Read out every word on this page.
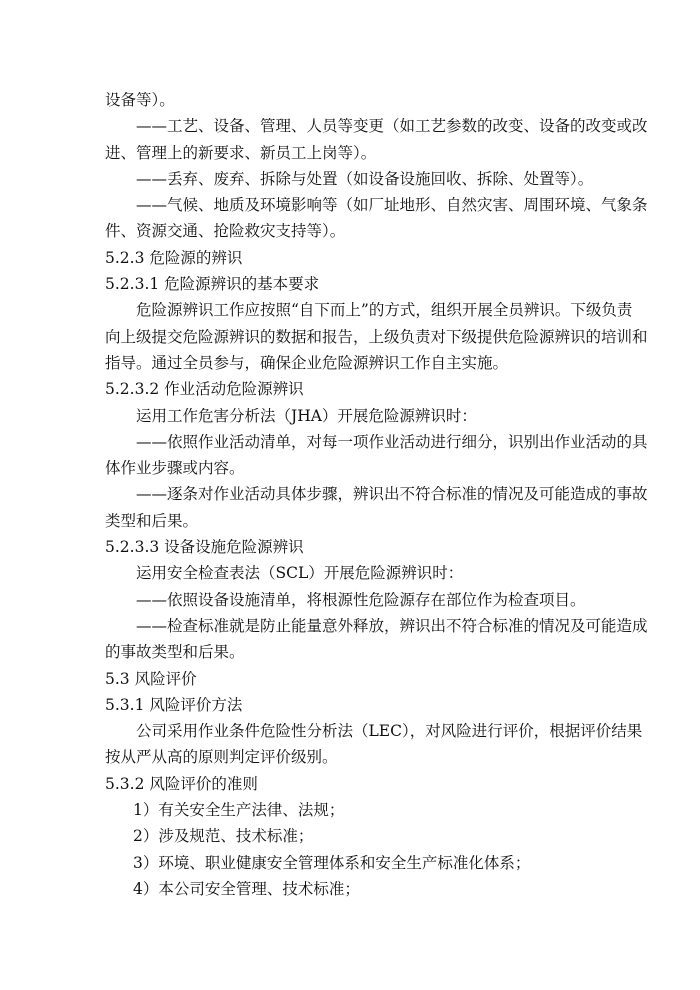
设备等）。
——工艺、设备、管理、人员等变更（如工艺参数的改变、设备的改变或改
进、管理上的新要求、新员工上岗等）。
——丢弃、废弃、拆除与处置（如设备设施回收、拆除、处置等）。
——气候、地质及环境影响等（如厂址地形、自然灾害、周围环境、气象条
件、资源交通、抢险救灾支持等）。
5.2.3 危险源的辨识
5.2.3.1 危险源辨识的基本要求
危险源辨识工作应按照“自下而上”的方式，组织开展全员辨识。下级负责
向上级提交危险源辨识的数据和报告，上级负责对下级提供危险源辨识的培训和
指导。通过全员参与，确保企业危险源辨识工作自主实施。
5.2.3.2 作业活动危险源辨识
运用工作危害分析法（JHA）开展危险源辨识时：
——依照作业活动清单，对每一项作业活动进行细分，识别出作业活动的具
体作业步骤或内容。
——逐条对作业活动具体步骤，辨识出不符合标准的情况及可能造成的事故
类型和后果。
5.2.3.3 设备设施危险源辨识
运用安全检查表法（SCL）开展危险源辨识时：
——依照设备设施清单，将根源性危险源存在部位作为检查项目。
——检查标准就是防止能量意外释放，辨识出不符合标准的情况及可能造成
的事故类型和后果。
5.3 风险评价
5.3.1 风险评价方法
公司采用作业条件危险性分析法（LEC），对风险进行评价，根据评价结果
按从严从高的原则判定评价级别。
5.3.2 风险评价的准则
1）有关安全生产法律、法规；
2）涉及规范、技术标准；
3）环境、职业健康安全管理体系和安全生产标准化体系；
4）本公司安全管理、技术标准；
